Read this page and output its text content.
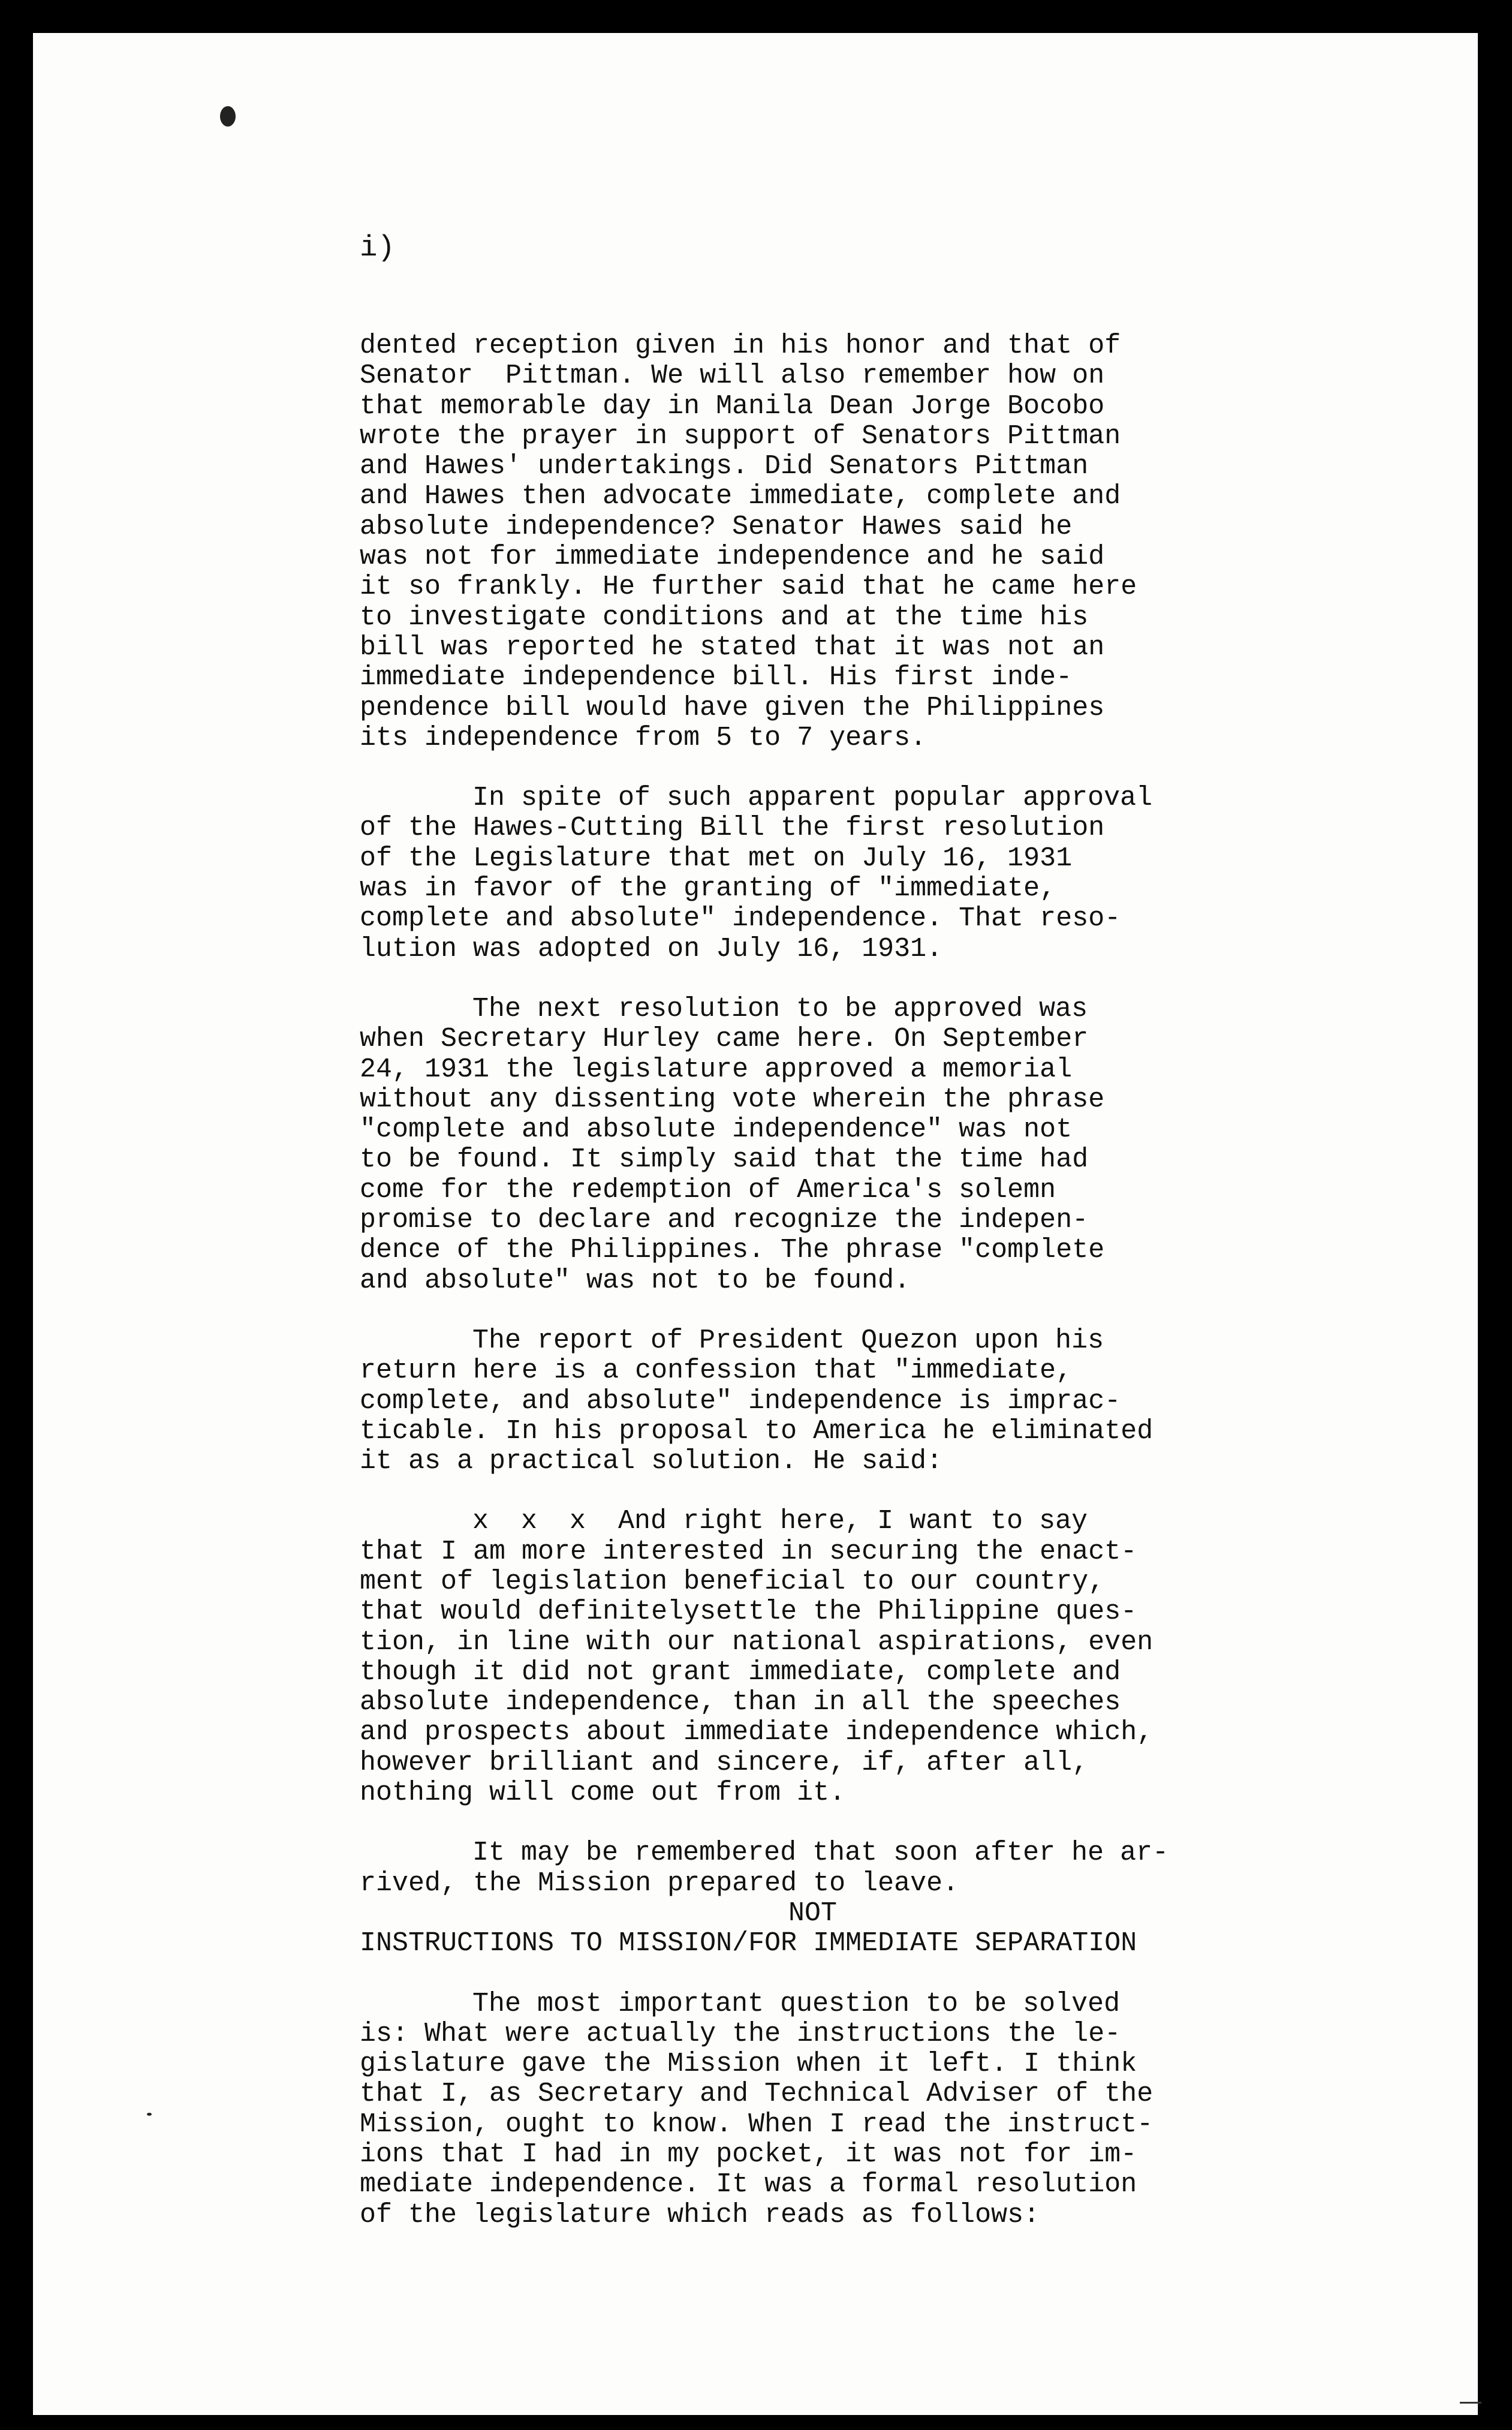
i)

dented reception given in his honor and that of
Senator  Pittman. We will also remember how on
that memorable day in Manila Dean Jorge Bocobo
wrote the prayer in support of Senators Pittman
and Hawes' undertakings. Did Senators Pittman
and Hawes then advocate immediate, complete and
absolute independence? Senator Hawes said he
was not for immediate independence and he said
it so frankly. He further said that he came here
to investigate conditions and at the time his
bill was reported he stated that it was not an
immediate independence bill. His first inde-
pendence bill would have given the Philippines
its independence from 5 to 7 years.

In spite of such apparent popular approval
of the Hawes-Cutting Bill the first resolution
of the Legislature that met on July 16, 1931
was in favor of the granting of "immediate,
complete and absolute" independence. That reso-
lution was adopted on July 16, 1931.

The next resolution to be approved was
when Secretary Hurley came here. On September
24, 1931 the legislature approved a memorial
without any dissenting vote wherein the phrase
"complete and absolute independence" was not
to be found. It simply said that the time had
come for the redemption of America's solemn
promise to declare and recognize the indepen-
dence of the Philippines. The phrase "complete
and absolute" was not to be found.

The report of President Quezon upon his
return here is a confession that "immediate,
complete, and absolute" independence is imprac-
ticable. In his proposal to America he eliminated
it as a practical solution. He said:

x  x  x  And right here, I want to say
that I am more interested in securing the enact-
ment of legislation beneficial to our country,
that would definitelysettle the Philippine ques-
tion, in line with our national aspirations, even
though it did not grant immediate, complete and
absolute independence, than in all the speeches
and prospects about immediate independence which,
however brilliant and sincere, if, after all,
nothing will come out from it.

It may be remembered that soon after he ar-
rived, the Mission prepared to leave.

NOT
INSTRUCTIONS TO MISSION/FOR IMMEDIATE SEPARATION

The most important question to be solved
is: What were actually the instructions the le-
gislature gave the Mission when it left. I think
that I, as Secretary and Technical Adviser of the
Mission, ought to know. When I read the instruct-
ions that I had in my pocket, it was not for im-
mediate independence. It was a formal resolution
of the legislature which reads as follows:
